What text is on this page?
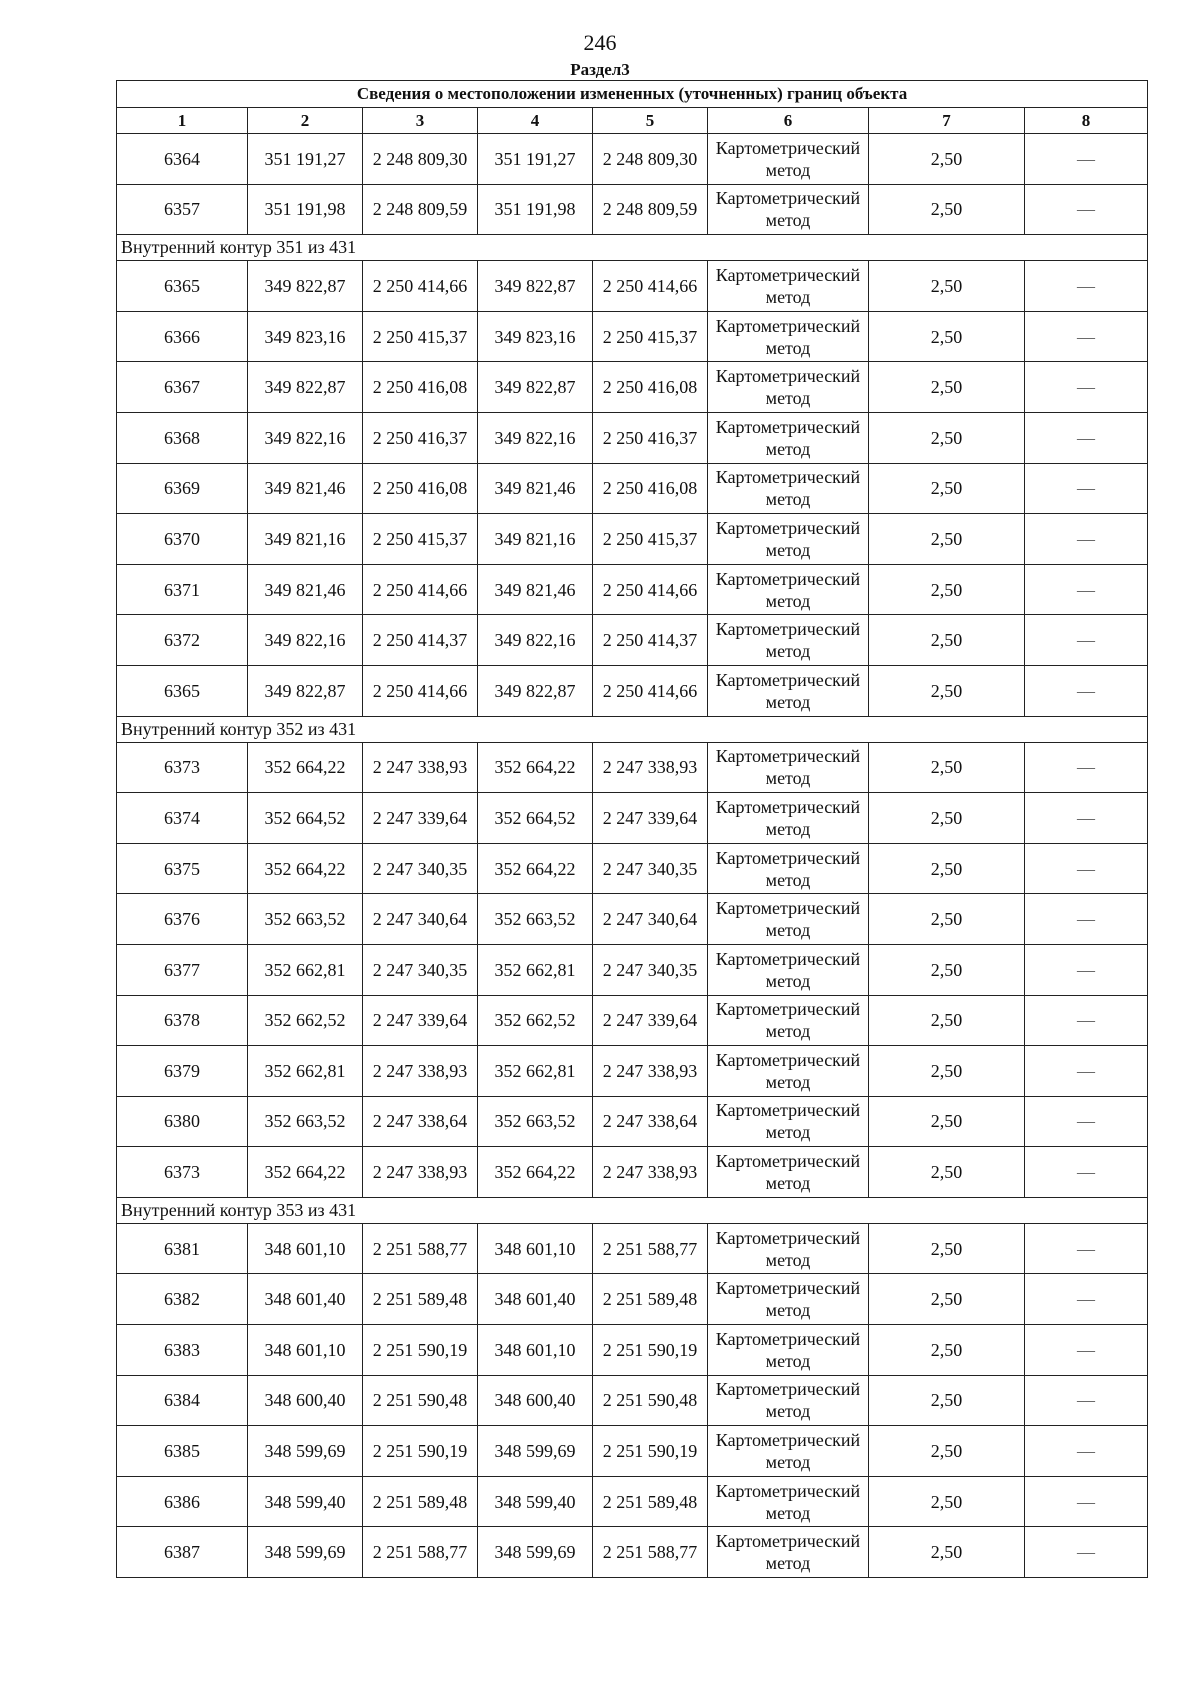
246
Раздел3
Сведения о местоположении измененных (уточненных) границ объекта							
1	2	3	4	5	6	7	8
6364	351 191,27	2 248 809,30	351 191,27	2 248 809,30	Картометрический метод	2,50	—
6357	351 191,98	2 248 809,59	351 191,98	2 248 809,59	Картометрический метод	2,50	—
Внутренний контур 351 из 431							
6365	349 822,87	2 250 414,66	349 822,87	2 250 414,66	Картометрический метод	2,50	—
6366	349 823,16	2 250 415,37	349 823,16	2 250 415,37	Картометрический метод	2,50	—
6367	349 822,87	2 250 416,08	349 822,87	2 250 416,08	Картометрический метод	2,50	—
6368	349 822,16	2 250 416,37	349 822,16	2 250 416,37	Картометрический метод	2,50	—
6369	349 821,46	2 250 416,08	349 821,46	2 250 416,08	Картометрический метод	2,50	—
6370	349 821,16	2 250 415,37	349 821,16	2 250 415,37	Картометрический метод	2,50	—
6371	349 821,46	2 250 414,66	349 821,46	2 250 414,66	Картометрический метод	2,50	—
6372	349 822,16	2 250 414,37	349 822,16	2 250 414,37	Картометрический метод	2,50	—
6365	349 822,87	2 250 414,66	349 822,87	2 250 414,66	Картометрический метод	2,50	—
Внутренний контур 352 из 431							
6373	352 664,22	2 247 338,93	352 664,22	2 247 338,93	Картометрический метод	2,50	—
6374	352 664,52	2 247 339,64	352 664,52	2 247 339,64	Картометрический метод	2,50	—
6375	352 664,22	2 247 340,35	352 664,22	2 247 340,35	Картометрический метод	2,50	—
6376	352 663,52	2 247 340,64	352 663,52	2 247 340,64	Картометрический метод	2,50	—
6377	352 662,81	2 247 340,35	352 662,81	2 247 340,35	Картометрический метод	2,50	—
6378	352 662,52	2 247 339,64	352 662,52	2 247 339,64	Картометрический метод	2,50	—
6379	352 662,81	2 247 338,93	352 662,81	2 247 338,93	Картометрический метод	2,50	—
6380	352 663,52	2 247 338,64	352 663,52	2 247 338,64	Картометрический метод	2,50	—
6373	352 664,22	2 247 338,93	352 664,22	2 247 338,93	Картометрический метод	2,50	—
Внутренний контур 353 из 431							
6381	348 601,10	2 251 588,77	348 601,10	2 251 588,77	Картометрический метод	2,50	—
6382	348 601,40	2 251 589,48	348 601,40	2 251 589,48	Картометрический метод	2,50	—
6383	348 601,10	2 251 590,19	348 601,10	2 251 590,19	Картометрический метод	2,50	—
6384	348 600,40	2 251 590,48	348 600,40	2 251 590,48	Картометрический метод	2,50	—
6385	348 599,69	2 251 590,19	348 599,69	2 251 590,19	Картометрический метод	2,50	—
6386	348 599,40	2 251 589,48	348 599,40	2 251 589,48	Картометрический метод	2,50	—
6387	348 599,69	2 251 588,77	348 599,69	2 251 588,77	Картометрический метод	2,50	—
